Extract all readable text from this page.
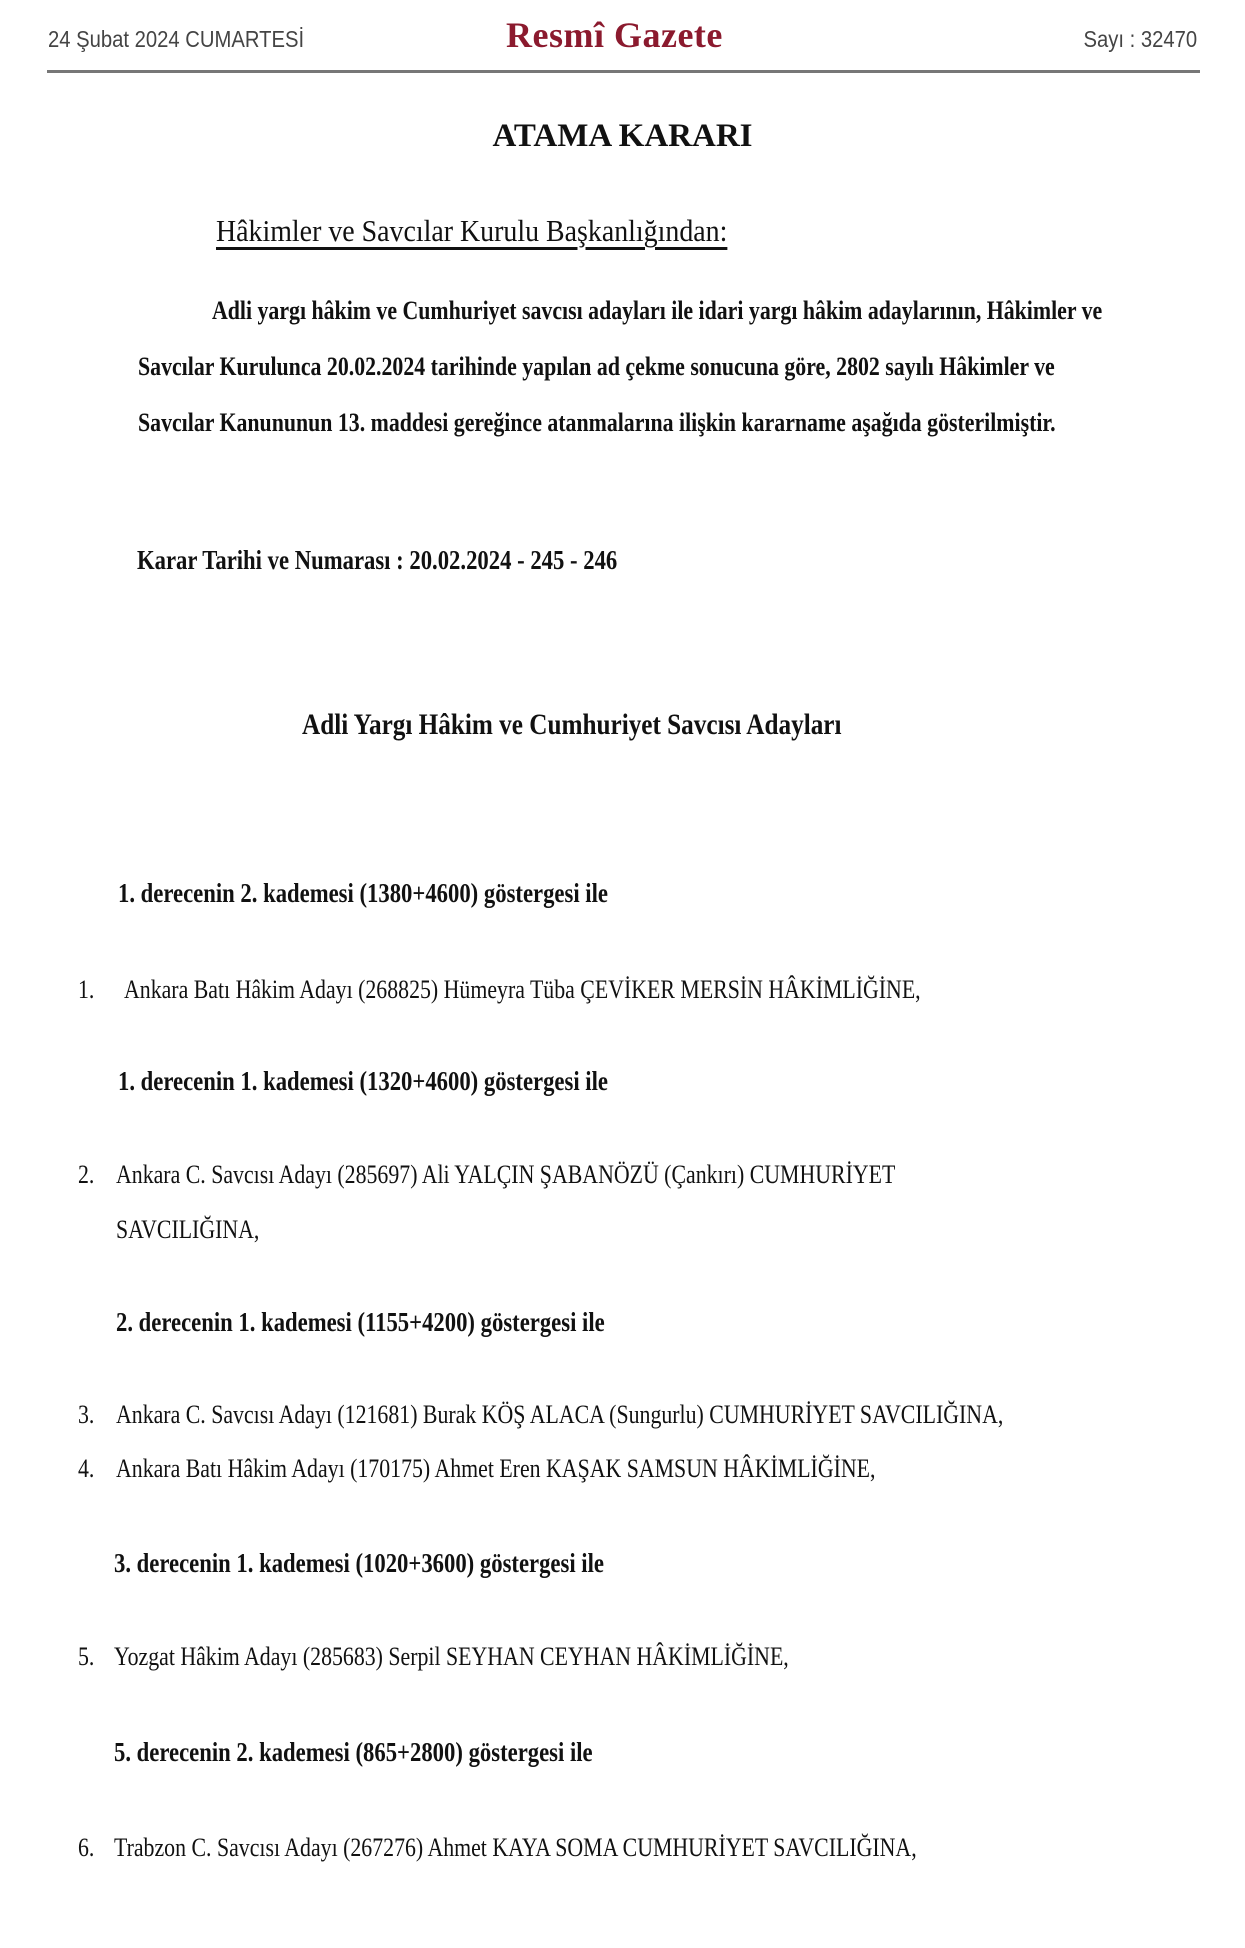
24 Şubat 2024 CUMARTESİ	Resmî Gazete	Sayı : 32470
ATAMA KARARI
Hâkimler ve Savcılar Kurulu Başkanlığından:
Adli yargı hâkim ve Cumhuriyet savcısı adayları ile idari yargı hâkim adaylarının, Hâkimler ve
Savcılar Kurulunca 20.02.2024 tarihinde yapılan ad çekme sonucuna göre, 2802 sayılı Hâkimler ve
Savcılar Kanununun 13. maddesi gereğince atanmalarına ilişkin kararname aşağıda gösterilmiştir.
Karar Tarihi ve Numarası : 20.02.2024 - 245 - 246
Adli Yargı Hâkim ve Cumhuriyet Savcısı Adayları
1. derecenin 2. kademesi (1380+4600) göstergesi ile
1. Ankara Batı Hâkim Adayı (268825) Hümeyra Tüba ÇEVİKER MERSİN HÂKİMLİĞİNE,
1. derecenin 1. kademesi (1320+4600) göstergesi ile
2. Ankara C. Savcısı Adayı (285697) Ali YALÇIN ŞABANÖZÜ (Çankırı) CUMHURİYET
SAVCILIĞINA,
2. derecenin 1. kademesi (1155+4200) göstergesi ile
3. Ankara C. Savcısı Adayı (121681) Burak KÖŞ ALACA (Sungurlu) CUMHURİYET SAVCILIĞINA,
4. Ankara Batı Hâkim Adayı (170175) Ahmet Eren KAŞAK SAMSUN HÂKİMLİĞİNE,
3. derecenin 1. kademesi (1020+3600) göstergesi ile
5. Yozgat Hâkim Adayı (285683) Serpil SEYHAN CEYHAN HÂKİMLİĞİNE,
5. derecenin 2. kademesi (865+2800) göstergesi ile
6. Trabzon C. Savcısı Adayı (267276) Ahmet KAYA SOMA CUMHURİYET SAVCILIĞINA,
